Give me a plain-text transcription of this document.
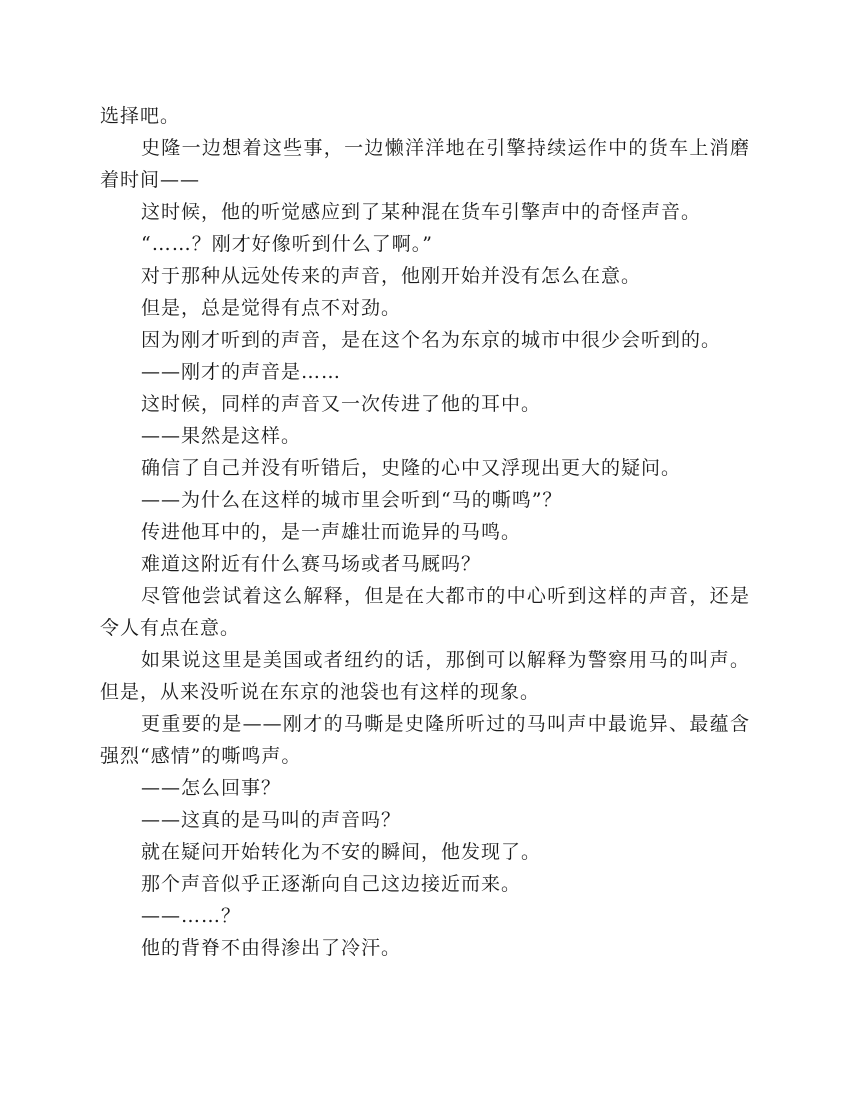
选择吧。

史隆一边想着这些事，一边懒洋洋地在引擎持续运作中的货车上消磨着时间——

这时候，他的听觉感应到了某种混在货车引擎声中的奇怪声音。

“……？刚才好像听到什么了啊。”

对于那种从远处传来的声音，他刚开始并没有怎么在意。

但是，总是觉得有点不对劲。

因为刚才听到的声音，是在这个名为东京的城市中很少会听到的。

——刚才的声音是……

这时候，同样的声音又一次传进了他的耳中。

——果然是这样。

确信了自己并没有听错后，史隆的心中又浮现出更大的疑问。

——为什么在这样的城市里会听到“马的嘶鸣”？

传进他耳中的，是一声雄壮而诡异的马鸣。

难道这附近有什么赛马场或者马厩吗？

尽管他尝试着这么解释，但是在大都市的中心听到这样的声音，还是令人有点在意。

如果说这里是美国或者纽约的话，那倒可以解释为警察用马的叫声。但是，从来没听说在东京的池袋也有这样的现象。

更重要的是——刚才的马嘶是史隆所听过的马叫声中最诡异、最蕴含强烈“感情”的嘶鸣声。

——怎么回事？

——这真的是马叫的声音吗？

就在疑问开始转化为不安的瞬间，他发现了。

那个声音似乎正逐渐向自己这边接近而来。

——……？

他的背脊不由得渗出了冷汗。
